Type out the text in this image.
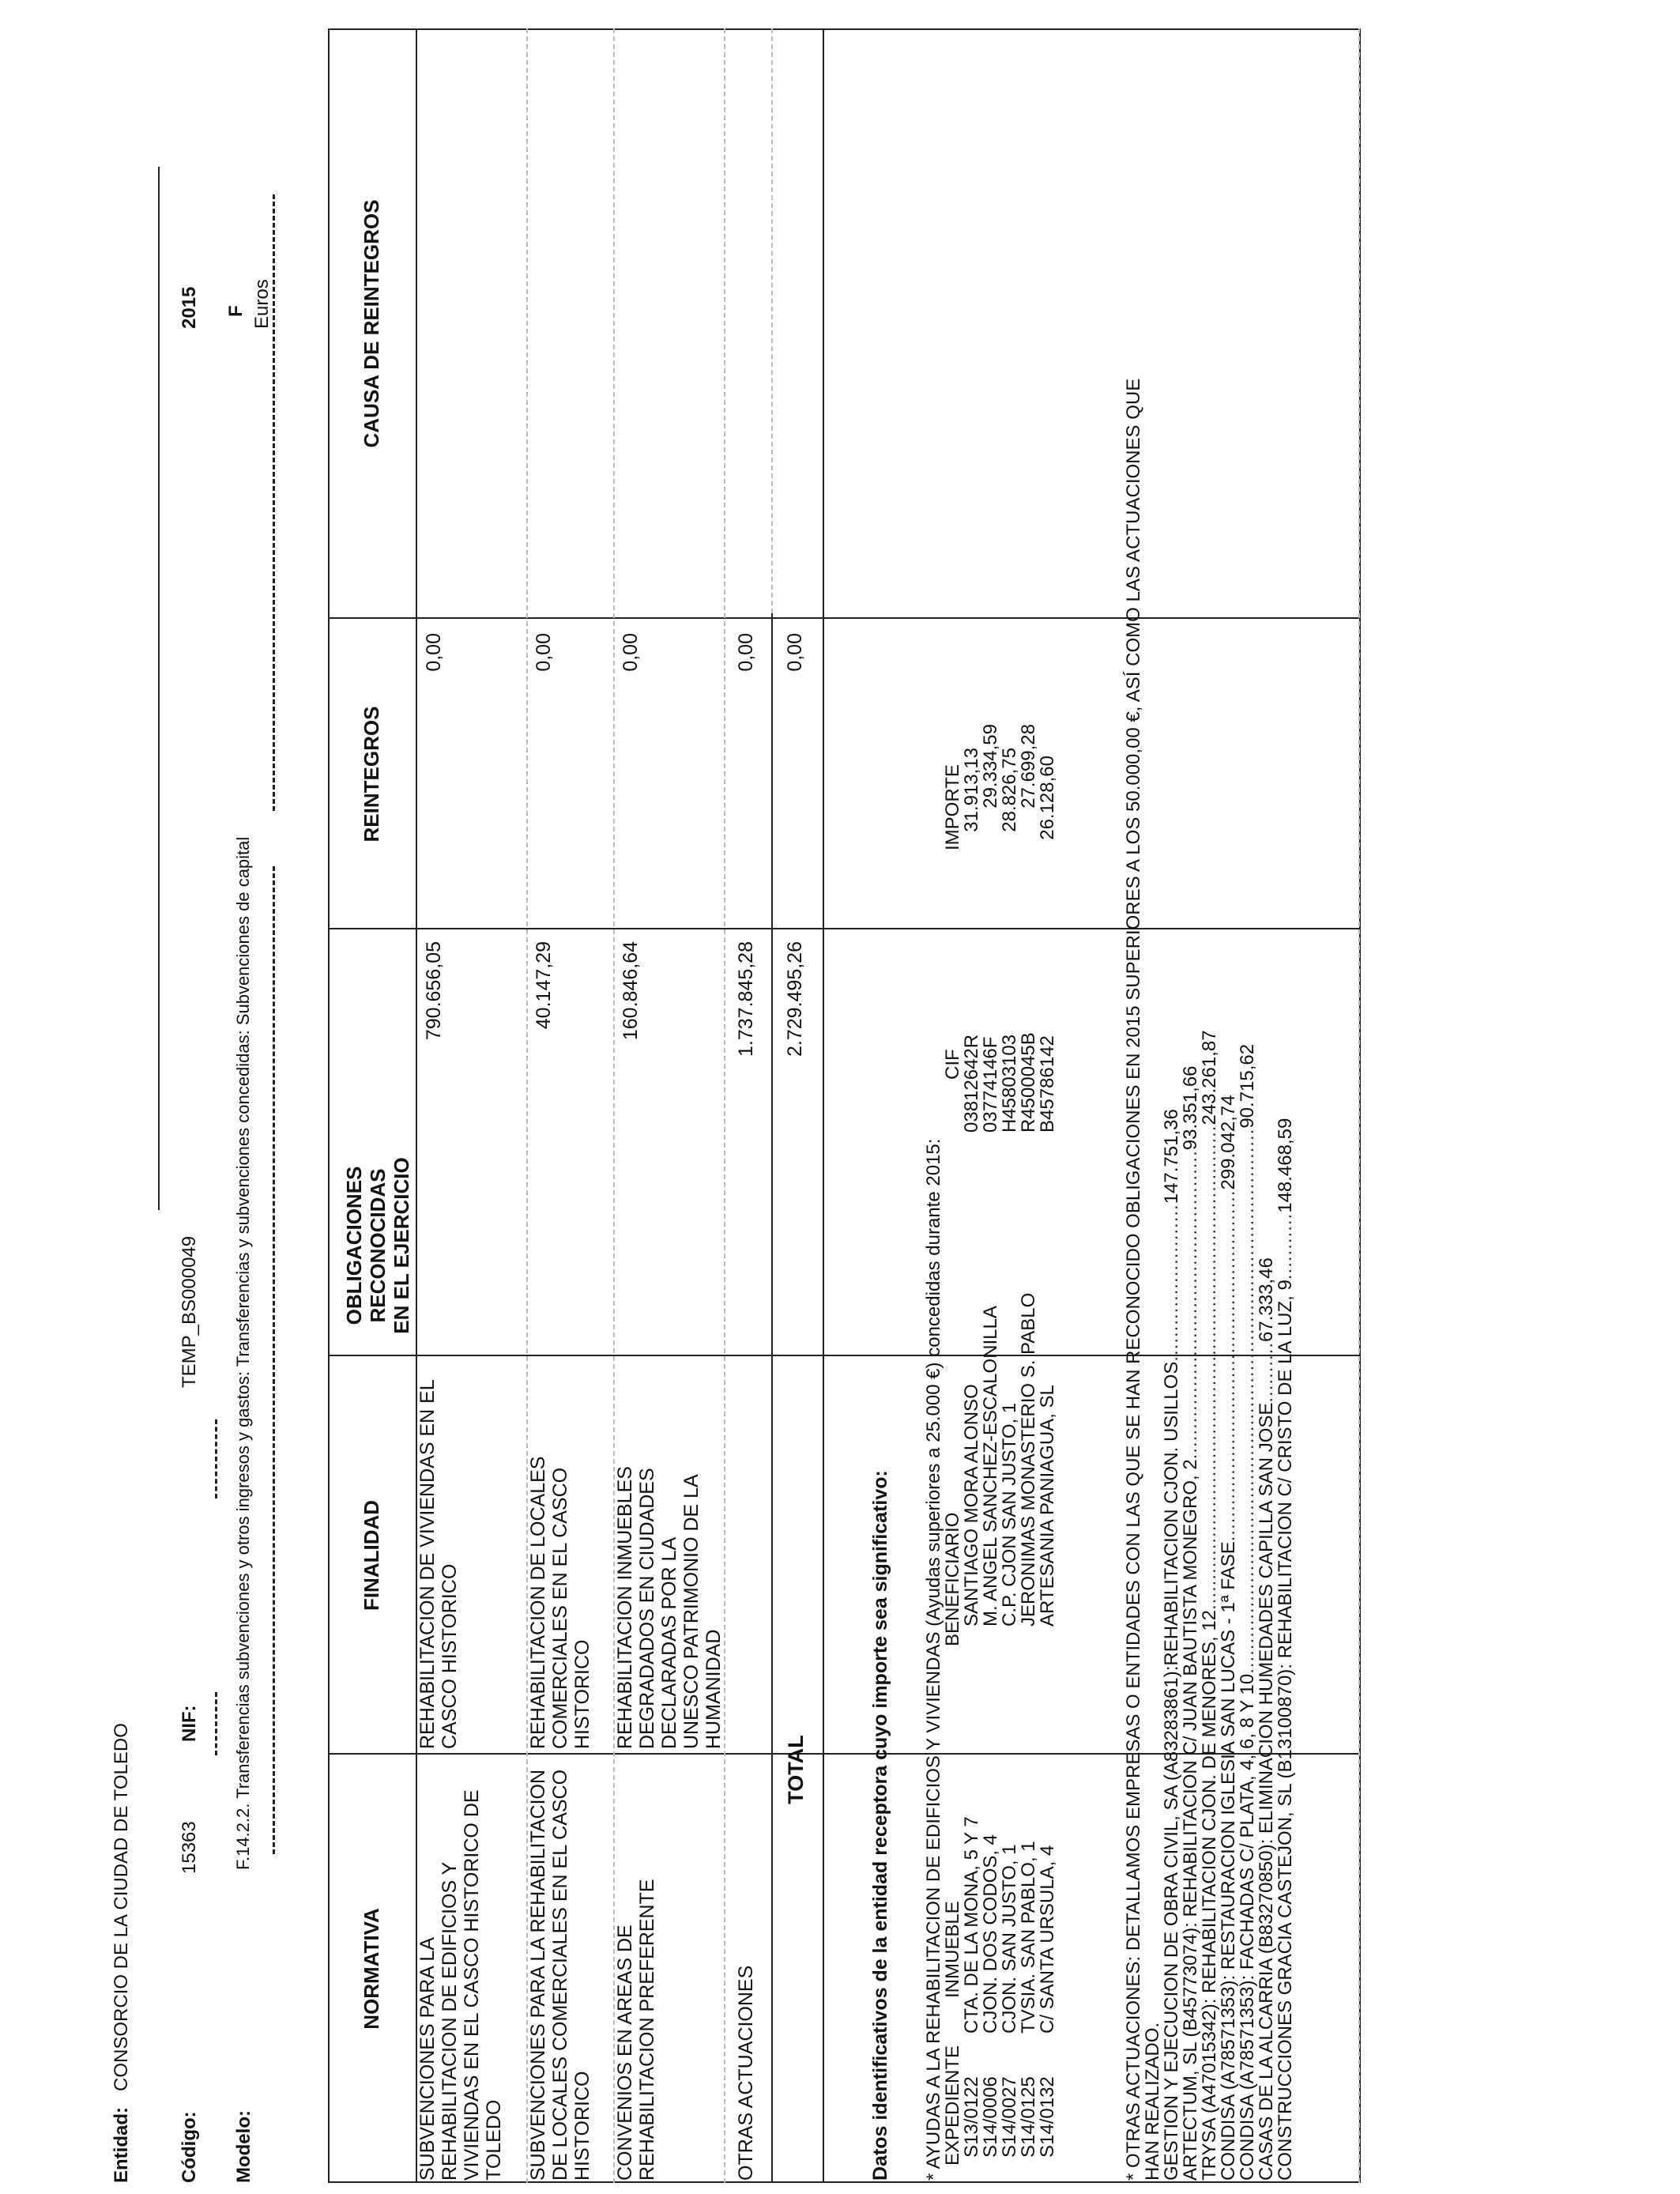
Entidad:
CONSORCIO DE LA CIUDAD DE TOLEDO
Código:
15363
NIF:
TEMP_BS000049
Modelo:
F.14.2.2. Transferencias subvenciones y otros ingresos y gastos: Transferencias y subvenciones concedidas: Subvenciones de capital
2015 F Euros
NORMATIVA
FINALIDAD
OBLIGACIONES RECONOCIDAS EN EL EJERCICIO
REINTEGROS
CAUSA DE REINTEGROS
SUBVENCIONES PARA LA REHABILITACION DE EDIFICIOS Y VIVIENDAS EN EL CASCO HISTORICO DE TOLEDO
REHABILITACION DE VIVIENDAS EN EL CASCO HISTORICO
790.656,05
0,00
SUBVENCIONES PARA LA REHABILITACION DE LOCALES COMERCIALES EN EL CASCO HISTORICO
REHABILITACION DE LOCALES COMERCIALES EN EL CASCO HISTORICO
40.147,29
0,00
CONVENIOS EN AREAS DE REHABILITACION PREFERENTE
REHABILITACION INMUEBLES DEGRADADOS EN CIUDADES DECLARADAS POR LA UNESCO PATRIMONIO DE LA HUMANIDAD
160.846,64
0,00
OTRAS ACTUACIONES
1.737.845,28
0,00
TOTAL
2.729.495,26
0,00
Datos identificativos de la entidad receptora cuyo importe sea significativo: * AYUDAS A LA REHABILITACION DE EDIFICIOS Y VIVIENDAS (Ayudas superiores a 25.000 €) concedidas durante 2015:
EXPEDIENTE
INMUEBLE
BENEFICIARIO
CIF
IMPORTE
S13/0122
CTA. DE LA MONA, 5 Y 7
SANTIAGO MORA ALONSO
03812642R
31.913,13
S14/0006
CJON. DOS CODOS, 4
M. ANGEL SANCHEZ-ESCALONILLA
03774146F
29.334,59
S14/0027
CJON. SAN JUSTO, 1
C.P. CJON SAN JUSTO, 1
H45803103
28.826,75
S14/0125
TVSIA. SAN PABLO, 1
JERONIMAS MONASTERIO S. PABLO
R4500045B
27.699,28
S14/0132
C/ SANTA URSULA, 4
ARTESANIA PANIAGUA, SL
B45786142
26.128,60	* OTRAS ACTUACIONES: DETALLAMOS EMPRESAS O ENTIDADES CON LAS QUE SE HAN RECONOCIDO OBLIGACIONES EN 2015 SUPERIORES A LOS 50.000,00 €, ASÍ COMO LAS ACTUACIONES QUE
HAN REALIZADO.
GESTION Y EJECUCION DE OBRA CIVIL, SA (A83283861):REHABILITACION CJON. USILLOS..........................147.751,36
ARTECTUM, SL (B45773074): REHABILITACION C/ JUAN BAUTISTA MONEGRO, 2...................................................93.351,66
TRYSA (A47015342): REHABILITACION CJON. DE MENORES, 12................................................................................243.261,87
CONDISA (A78571353): RESTAURACION IGLESIA SAN LUCAS - 1ª FASE..........................................................299.042,74
CONDISA (A78571353): FACHADAS C/ PLATA, 4, 6, 8 Y 10..........................................................................................90.715,62
CASAS DE LA ALCARRIA (B83270850): ELIMINACION HUMEDADES CAPILLA SAN JOSE..........67.333,46
CONSTRUCCIONES GRACIA CASTEJON, SL (B13100870): REHABILITACION C/ CRISTO DE LA LUZ, 9...........148.468,59
